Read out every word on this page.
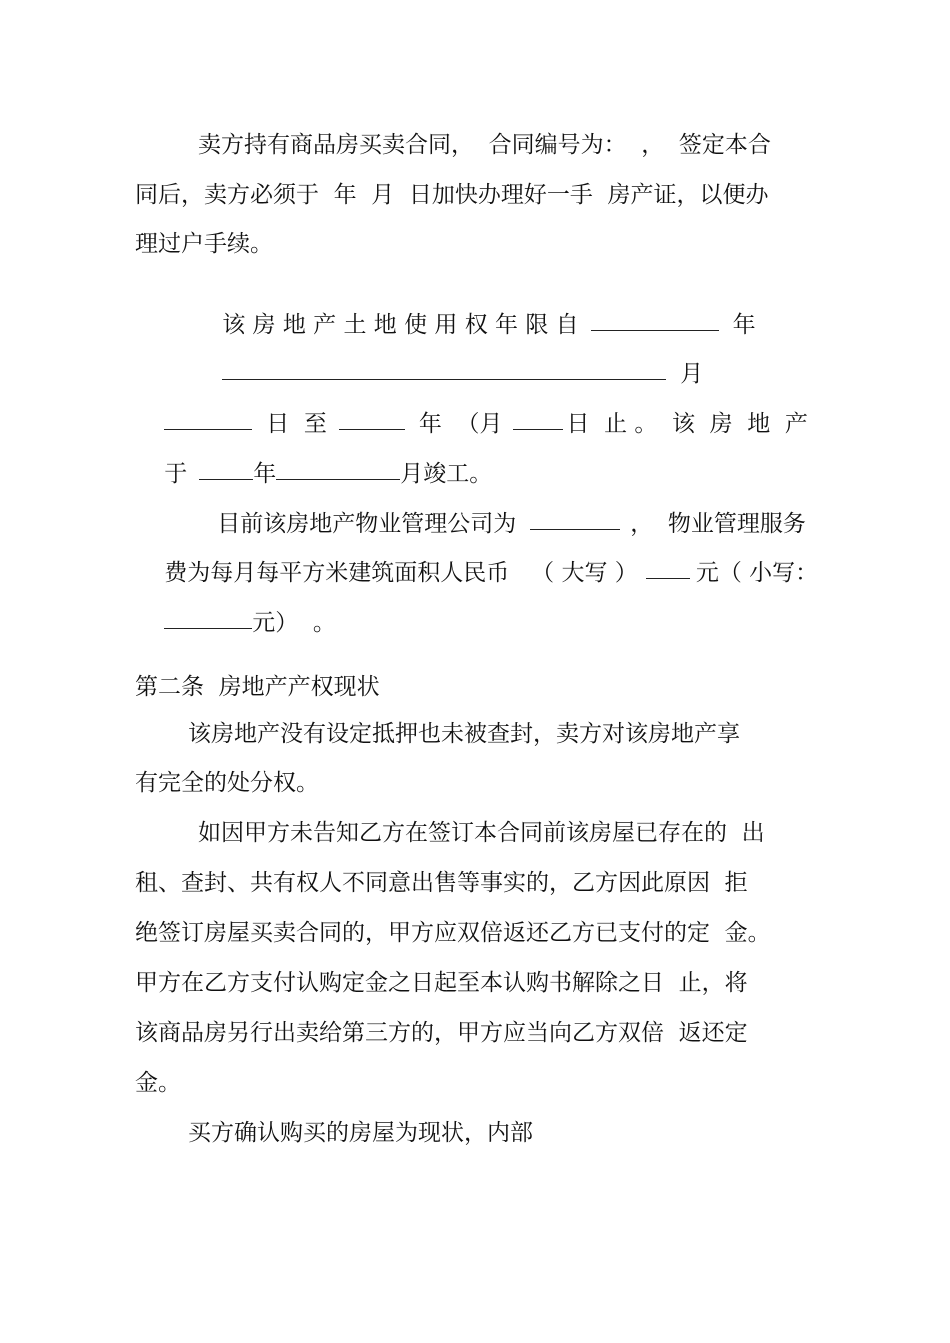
卖方持有商品房买卖合同，  合同编号为：  ，  签定本合
同后，卖方必须于  年  月  日加快办理好一手  房产证，以便办
理过户手续。

该 房 地 产 土 地 使 用 权 年 限 自	年

月

日  至	年  （月	日  止 。  该  房  地  产

于	年	月竣工。

目前该房地产物业管理公司为	，  物业管理服务

费为每月每平方米建筑面积人民币   （ 大写 ）	元（ 小写：

元）  。

第二条  房地产产权现状
该房地产没有设定抵押也未被查封，卖方对该房地产享
有完全的处分权。
如因甲方未告知乙方在签订本合同前该房屋已存在的  出
租、查封、共有权人不同意出售等事实的，乙方因此原因  拒
绝签订房屋买卖合同的，甲方应双倍返还乙方已支付的定  金。
甲方在乙方支付认购定金之日起至本认购书解除之日  止，将
该商品房另行出卖给第三方的，甲方应当向乙方双倍  返还定
金。
买方确认购买的房屋为现状，内部
